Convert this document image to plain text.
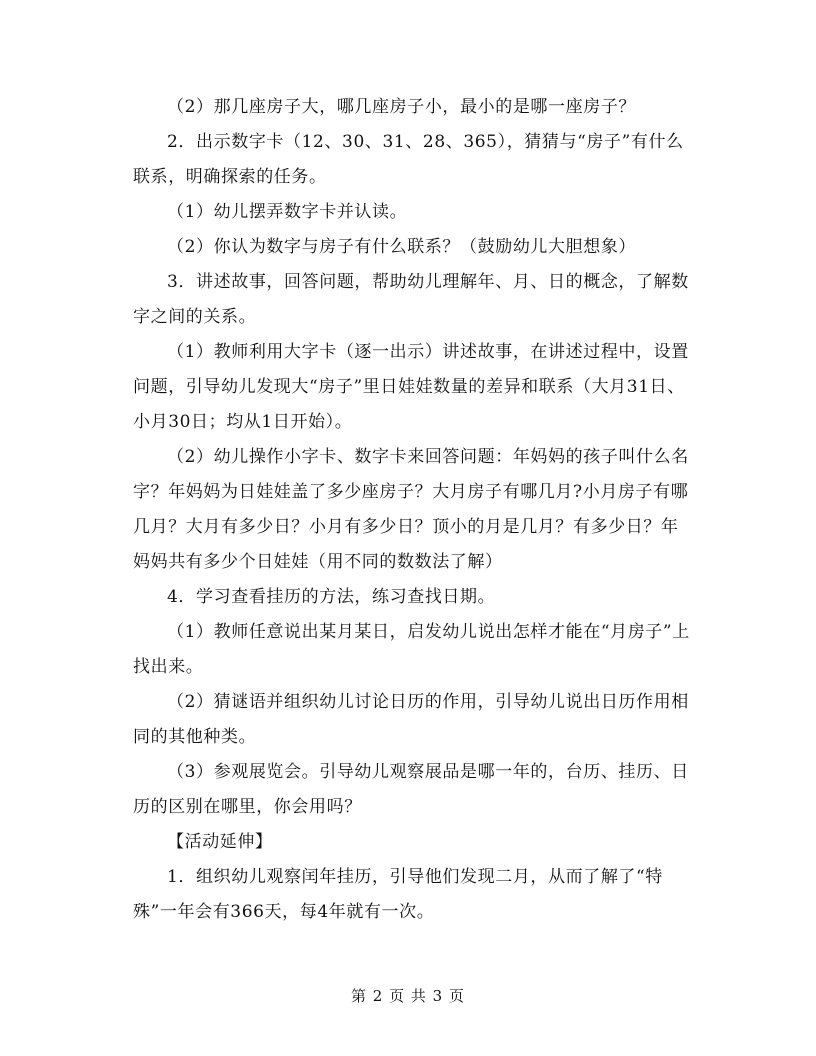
（2）那几座房子大，哪几座房子小，最小的是哪一座房子？

2．出示数字卡（12、30、31、28、365），猜猜与“房子”有什么联系，明确探索的任务。

（1）幼儿摆弄数字卡并认读。

（2）你认为数字与房子有什么联系？（鼓励幼儿大胆想象）

3．讲述故事，回答问题，帮助幼儿理解年、月、日的概念，了解数字之间的关系。

（1）教师利用大字卡（逐一出示）讲述故事，在讲述过程中，设置问题，引导幼儿发现大“房子”里日娃娃数量的差异和联系（大月31日、小月30日；均从1日开始）。

（2）幼儿操作小字卡、数字卡来回答问题：年妈妈的孩子叫什么名字？年妈妈为日娃娃盖了多少座房子？大月房子有哪几月?小月房子有哪几月？大月有多少日？小月有多少日？顶小的月是几月？有多少日？年妈妈共有多少个日娃娃（用不同的数数法了解）

4．学习查看挂历的方法，练习查找日期。

（1）教师任意说出某月某日，启发幼儿说出怎样才能在“月房子”上找出来。

（2）猜谜语并组织幼儿讨论日历的作用，引导幼儿说出日历作用相同的其他种类。

（3）参观展览会。引导幼儿观察展品是哪一年的，台历、挂历、日历的区别在哪里，你会用吗？

【活动延伸】

1．组织幼儿观察闰年挂历，引导他们发现二月，从而了解了“特殊”一年会有366天，每4年就有一次。

第 2 页 共 3 页
